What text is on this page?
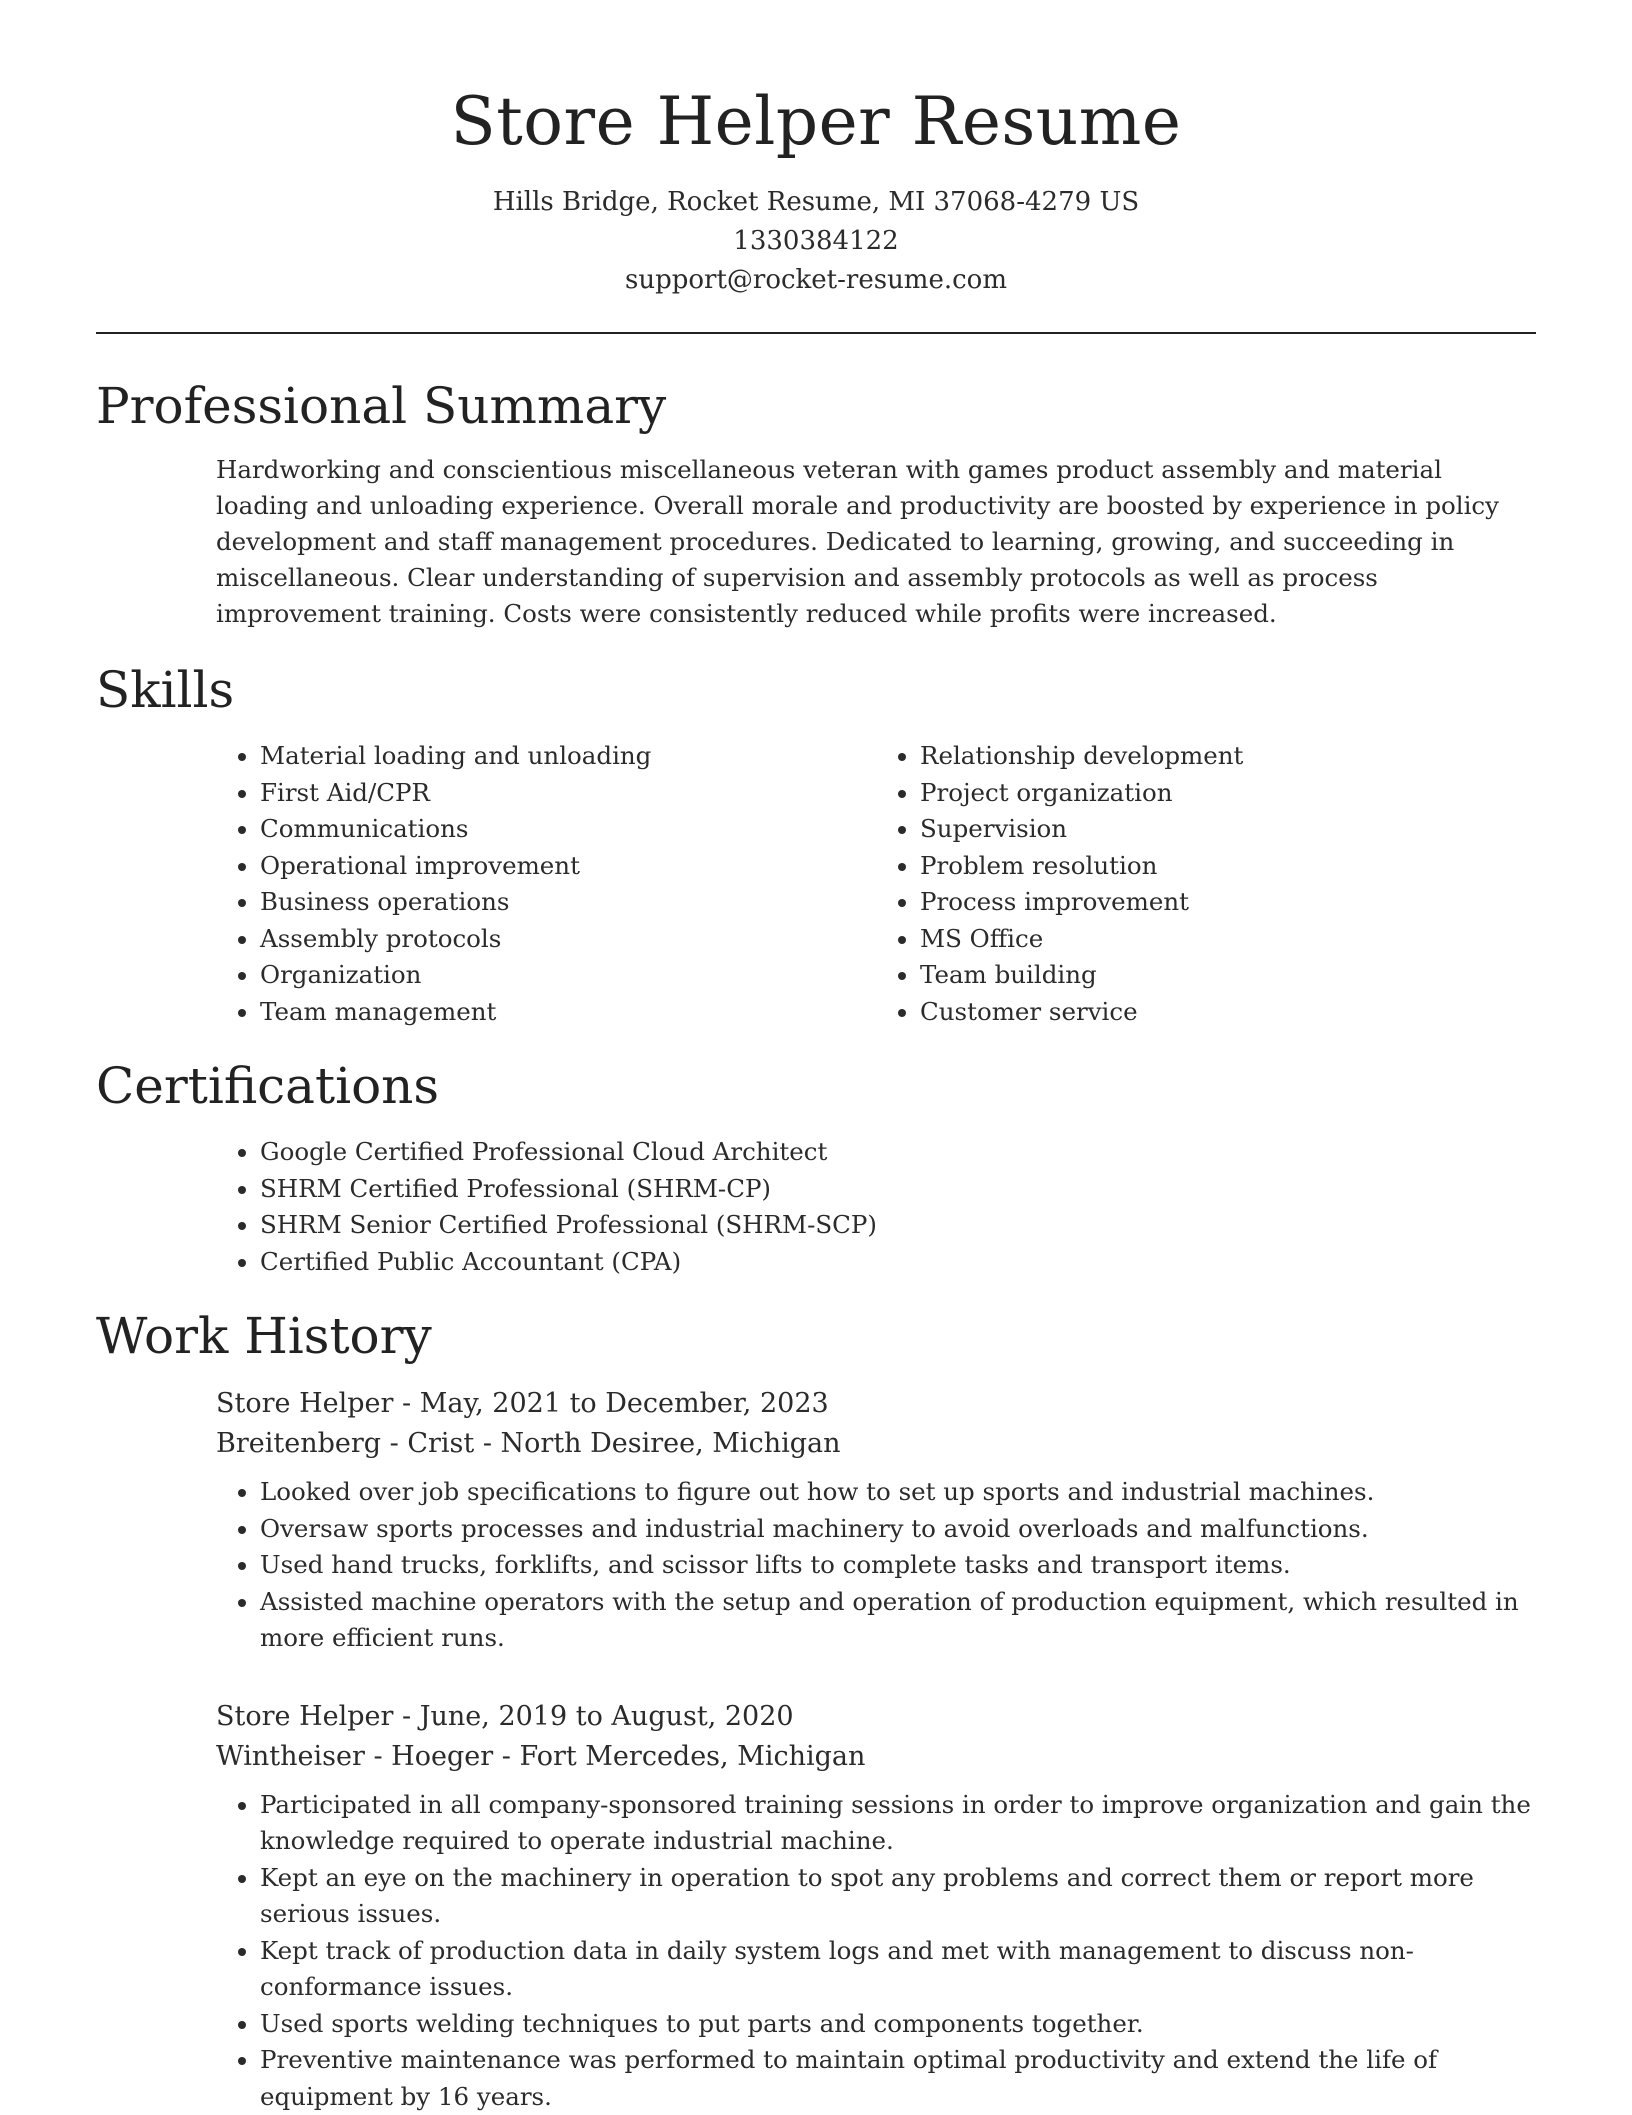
Store Helper Resume
Hills Bridge, Rocket Resume, MI 37068-4279 US
1330384122
support@rocket-resume.com
Professional Summary

Hardworking and conscientious miscellaneous veteran with games product assembly and material loading and unloading experience. Overall morale and productivity are boosted by experience in policy development and staff management procedures. Dedicated to learning, growing, and succeeding in miscellaneous. Clear understanding of supervision and assembly protocols as well as process improvement training. Costs were consistently reduced while profits were increased.

Skills
• Material loading and unloading
• First Aid/CPR
• Communications
• Operational improvement
• Business operations
• Assembly protocols
• Organization
• Team management
• Relationship development
• Project organization
• Supervision
• Problem resolution
• Process improvement
• MS Office
• Team building
• Customer service
Certifications
• Google Certified Professional Cloud Architect
• SHRM Certified Professional (SHRM-CP)
• SHRM Senior Certified Professional (SHRM-SCP)
• Certified Public Accountant (CPA)
Work History
Store Helper - May, 2021 to December, 2023
Breitenberg - Crist - North Desiree, Michigan
• Looked over job specifications to figure out how to set up sports and industrial machines.
• Oversaw sports processes and industrial machinery to avoid overloads and malfunctions.
• Used hand trucks, forklifts, and scissor lifts to complete tasks and transport items.
• Assisted machine operators with the setup and operation of production equipment, which resulted in more efficient runs.
Store Helper - June, 2019 to August, 2020
Wintheiser - Hoeger - Fort Mercedes, Michigan
• Participated in all company-sponsored training sessions in order to improve organization and gain the knowledge required to operate industrial machine.
• Kept an eye on the machinery in operation to spot any problems and correct them or report more serious issues.
• Kept track of production data in daily system logs and met with management to discuss non-conformance issues.
• Used sports welding techniques to put parts and components together.
• Preventive maintenance was performed to maintain optimal productivity and extend the life of equipment by 16 years.
